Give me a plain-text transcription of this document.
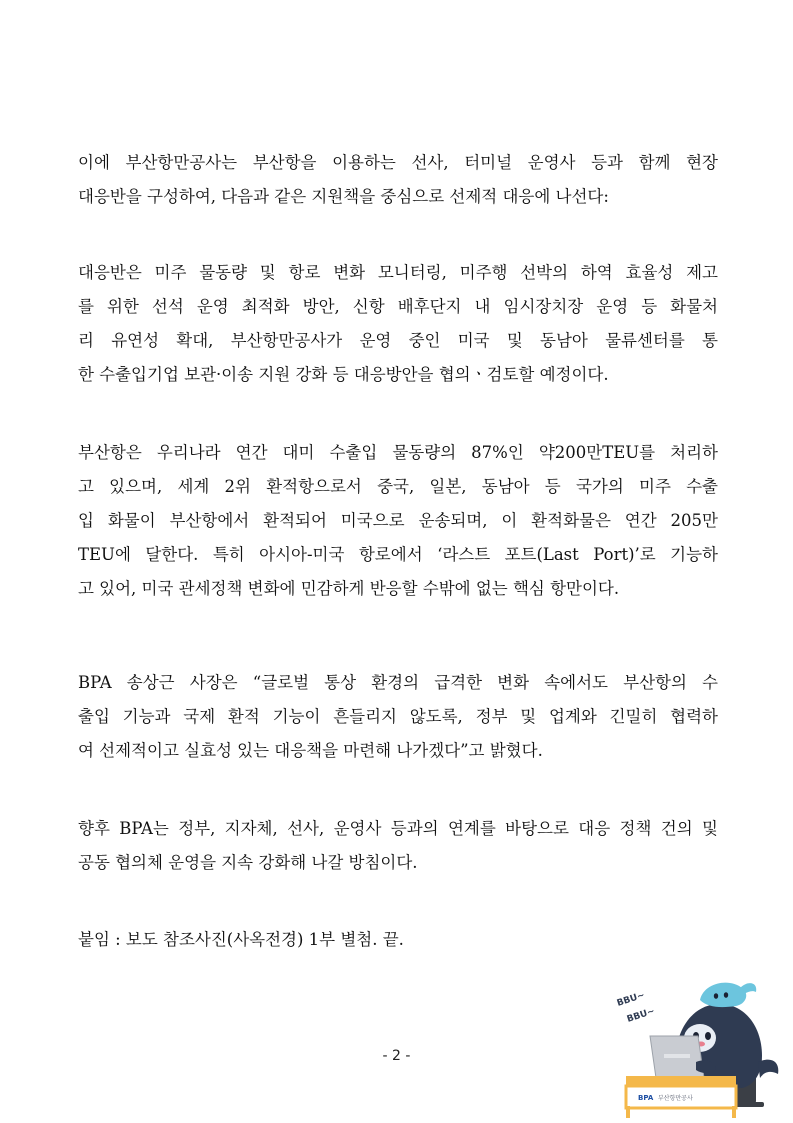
이에 부산항만공사는 부산항을 이용하는 선사, 터미널 운영사 등과 함께 현장
대응반을 구성하여, 다음과 같은 지원책을 중심으로 선제적 대응에 나선다:
대응반은 미주 물동량 및 항로 변화 모니터링, 미주행 선박의 하역 효율성 제고
를 위한 선석 운영 최적화 방안, 신항 배후단지 내 임시장치장 운영 등 화물처
리 유연성 확대, 부산항만공사가 운영 중인 미국 및 동남아 물류센터를 통
한 수출입기업 보관·이송 지원 강화 등 대응방안을 협의ㆍ검토할 예정이다.
부산항은 우리나라 연간 대미 수출입 물동량의 87%인 약200만TEU를 처리하
고 있으며, 세계 2위 환적항으로서 중국, 일본, 동남아 등 국가의 미주 수출
입 화물이 부산항에서 환적되어 미국으로 운송되며, 이 환적화물은 연간 205만
TEU에 달한다. 특히 아시아-미국 항로에서 ‘라스트 포트(Last Port)’로 기능하
고 있어, 미국 관세정책 변화에 민감하게 반응할 수밖에 없는 핵심 항만이다.
BPA 송상근 사장은 “글로벌 통상 환경의 급격한 변화 속에서도 부산항의 수
출입 기능과 국제 환적 기능이 흔들리지 않도록, 정부 및 업계와 긴밀히 협력하
여 선제적이고 실효성 있는 대응책을 마련해 나가겠다”고 밝혔다.
향후 BPA는 정부, 지자체, 선사, 운영사 등과의 연계를 바탕으로 대응 정책 건의 및
공동 협의체 운영을 지속 강화해 나갈 방침이다.
붙임 : 보도 참조사진(사옥전경) 1부 별첨. 끝.
- 2 -
BBU~
BBU~
BPA 부산항만공사
